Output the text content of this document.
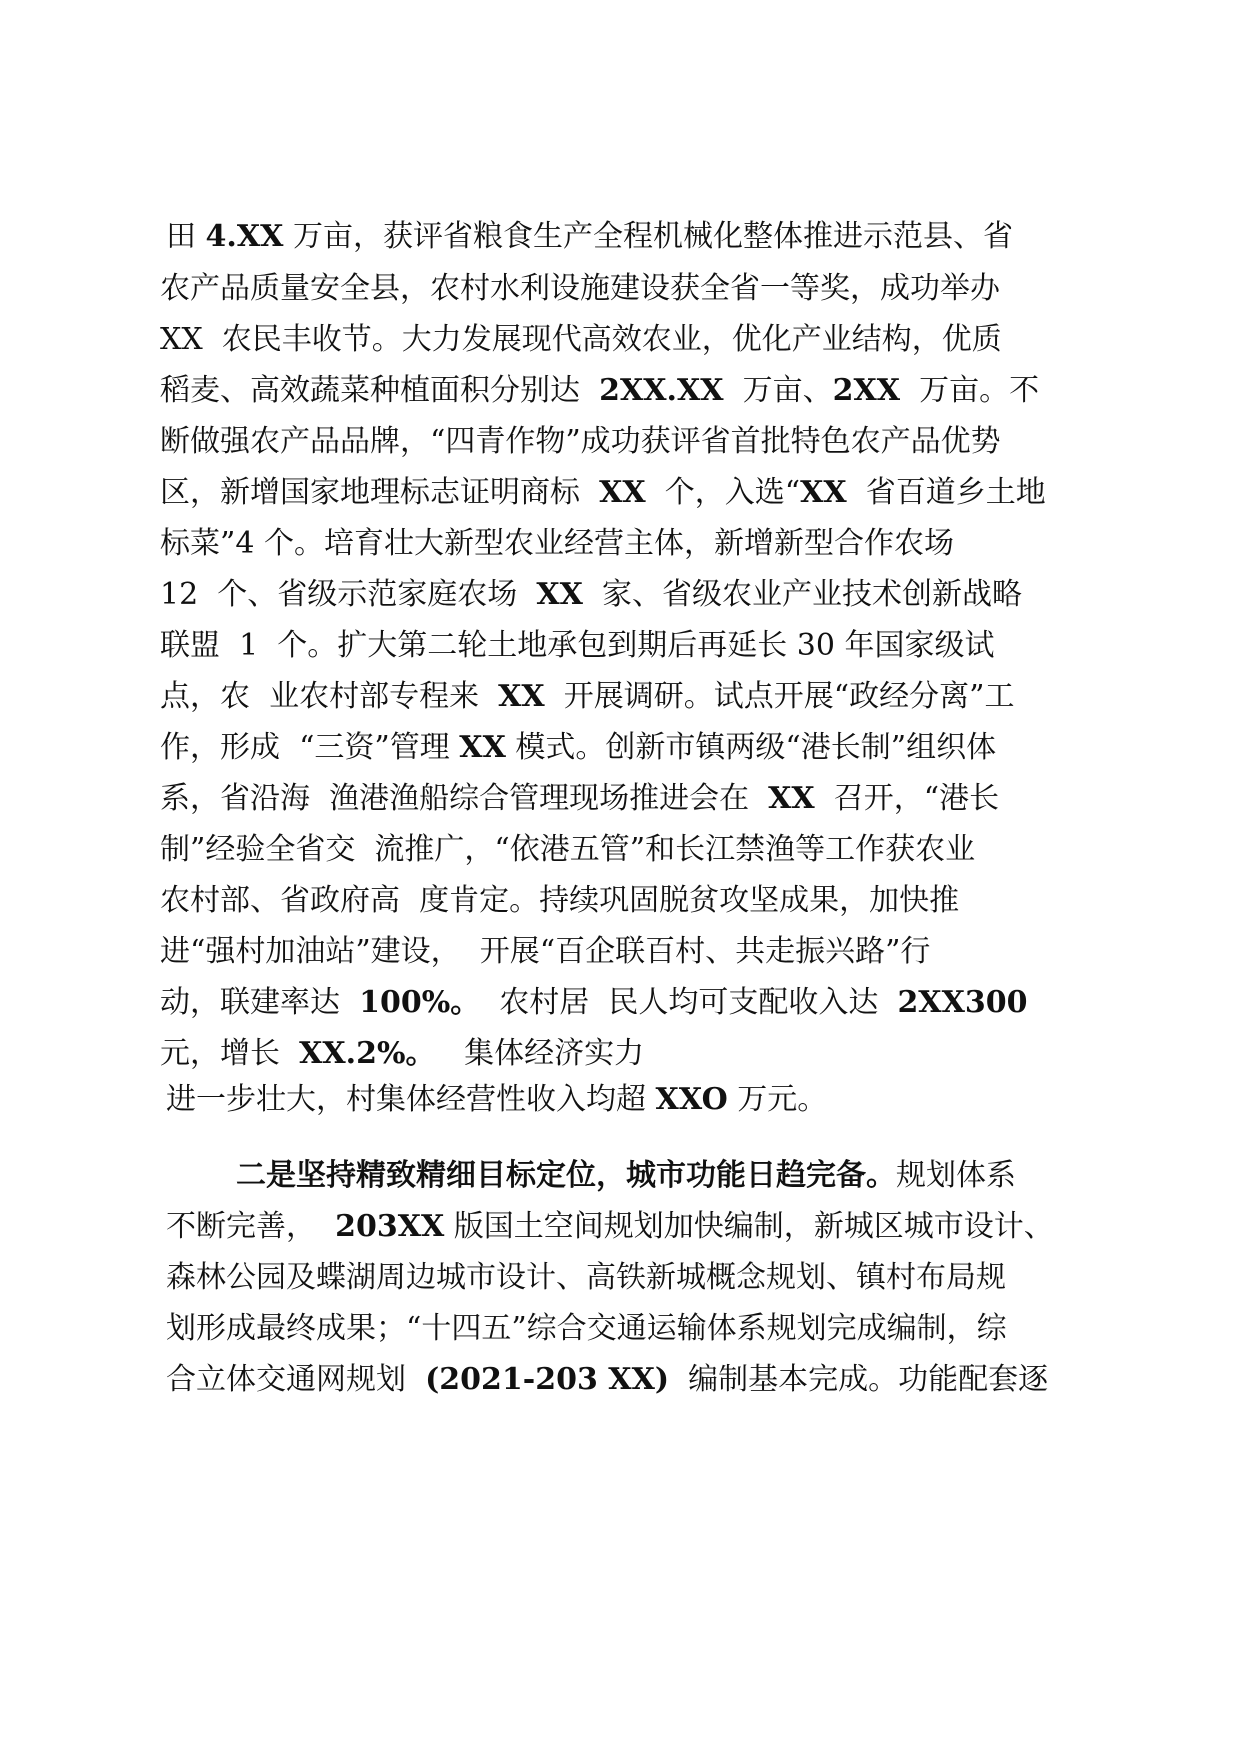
田 4.XX 万亩，获评省粮食生产全程机械化整体推进示范县、省
农产品质量安全县，农村水利设施建设获全省一等奖，成功举办
XX  农民丰收节。大力发展现代高效农业，优化产业结构，优质
稻麦、高效蔬菜种植面积分别达  2XX.XX  万亩、2XX  万亩。不
断做强农产品品牌，“四青作物”成功获评省首批特色农产品优势
区，新增国家地理标志证明商标  XX  个，入选“XX  省百道乡土地
标菜”4 个。培育壮大新型农业经营主体，新增新型合作农场
12  个、省级示范家庭农场  XX  家、省级农业产业技术创新战略
联盟  1  个。扩大第二轮土地承包到期后再延长 30 年国家级试
点，农  业农村部专程来  XX  开展调研。试点开展“政经分离”工
作，形成  “三资”管理 XX 模式。创新市镇两级“港长制”组织体
系，省沿海  渔港渔船综合管理现场推进会在  XX  召开，“港长
制”经验全省交  流推广，“依港五管”和长江禁渔等工作获农业
农村部、省政府高  度肯定。持续巩固脱贫攻坚成果，加快推
进“强村加油站”建设，  开展“百企联百村、共走振兴路”行
动，联建率达  100%。  农村居  民人均可支配收入达  2XX300
元，增长  XX.2%。   集体经济实力
进一步壮大，村集体经营性收入均超 XXO 万元。
二是坚持精致精细目标定位，城市功能日趋完备。规划体系
不断完善，  203XX 版国土空间规划加快编制，新城区城市设计、
森林公园及蝶湖周边城市设计、高铁新城概念规划、镇村布局规
划形成最终成果；“十四五”综合交通运输体系规划完成编制，综
合立体交通网规划  (2021-203 XX)  编制基本完成。功能配套逐
